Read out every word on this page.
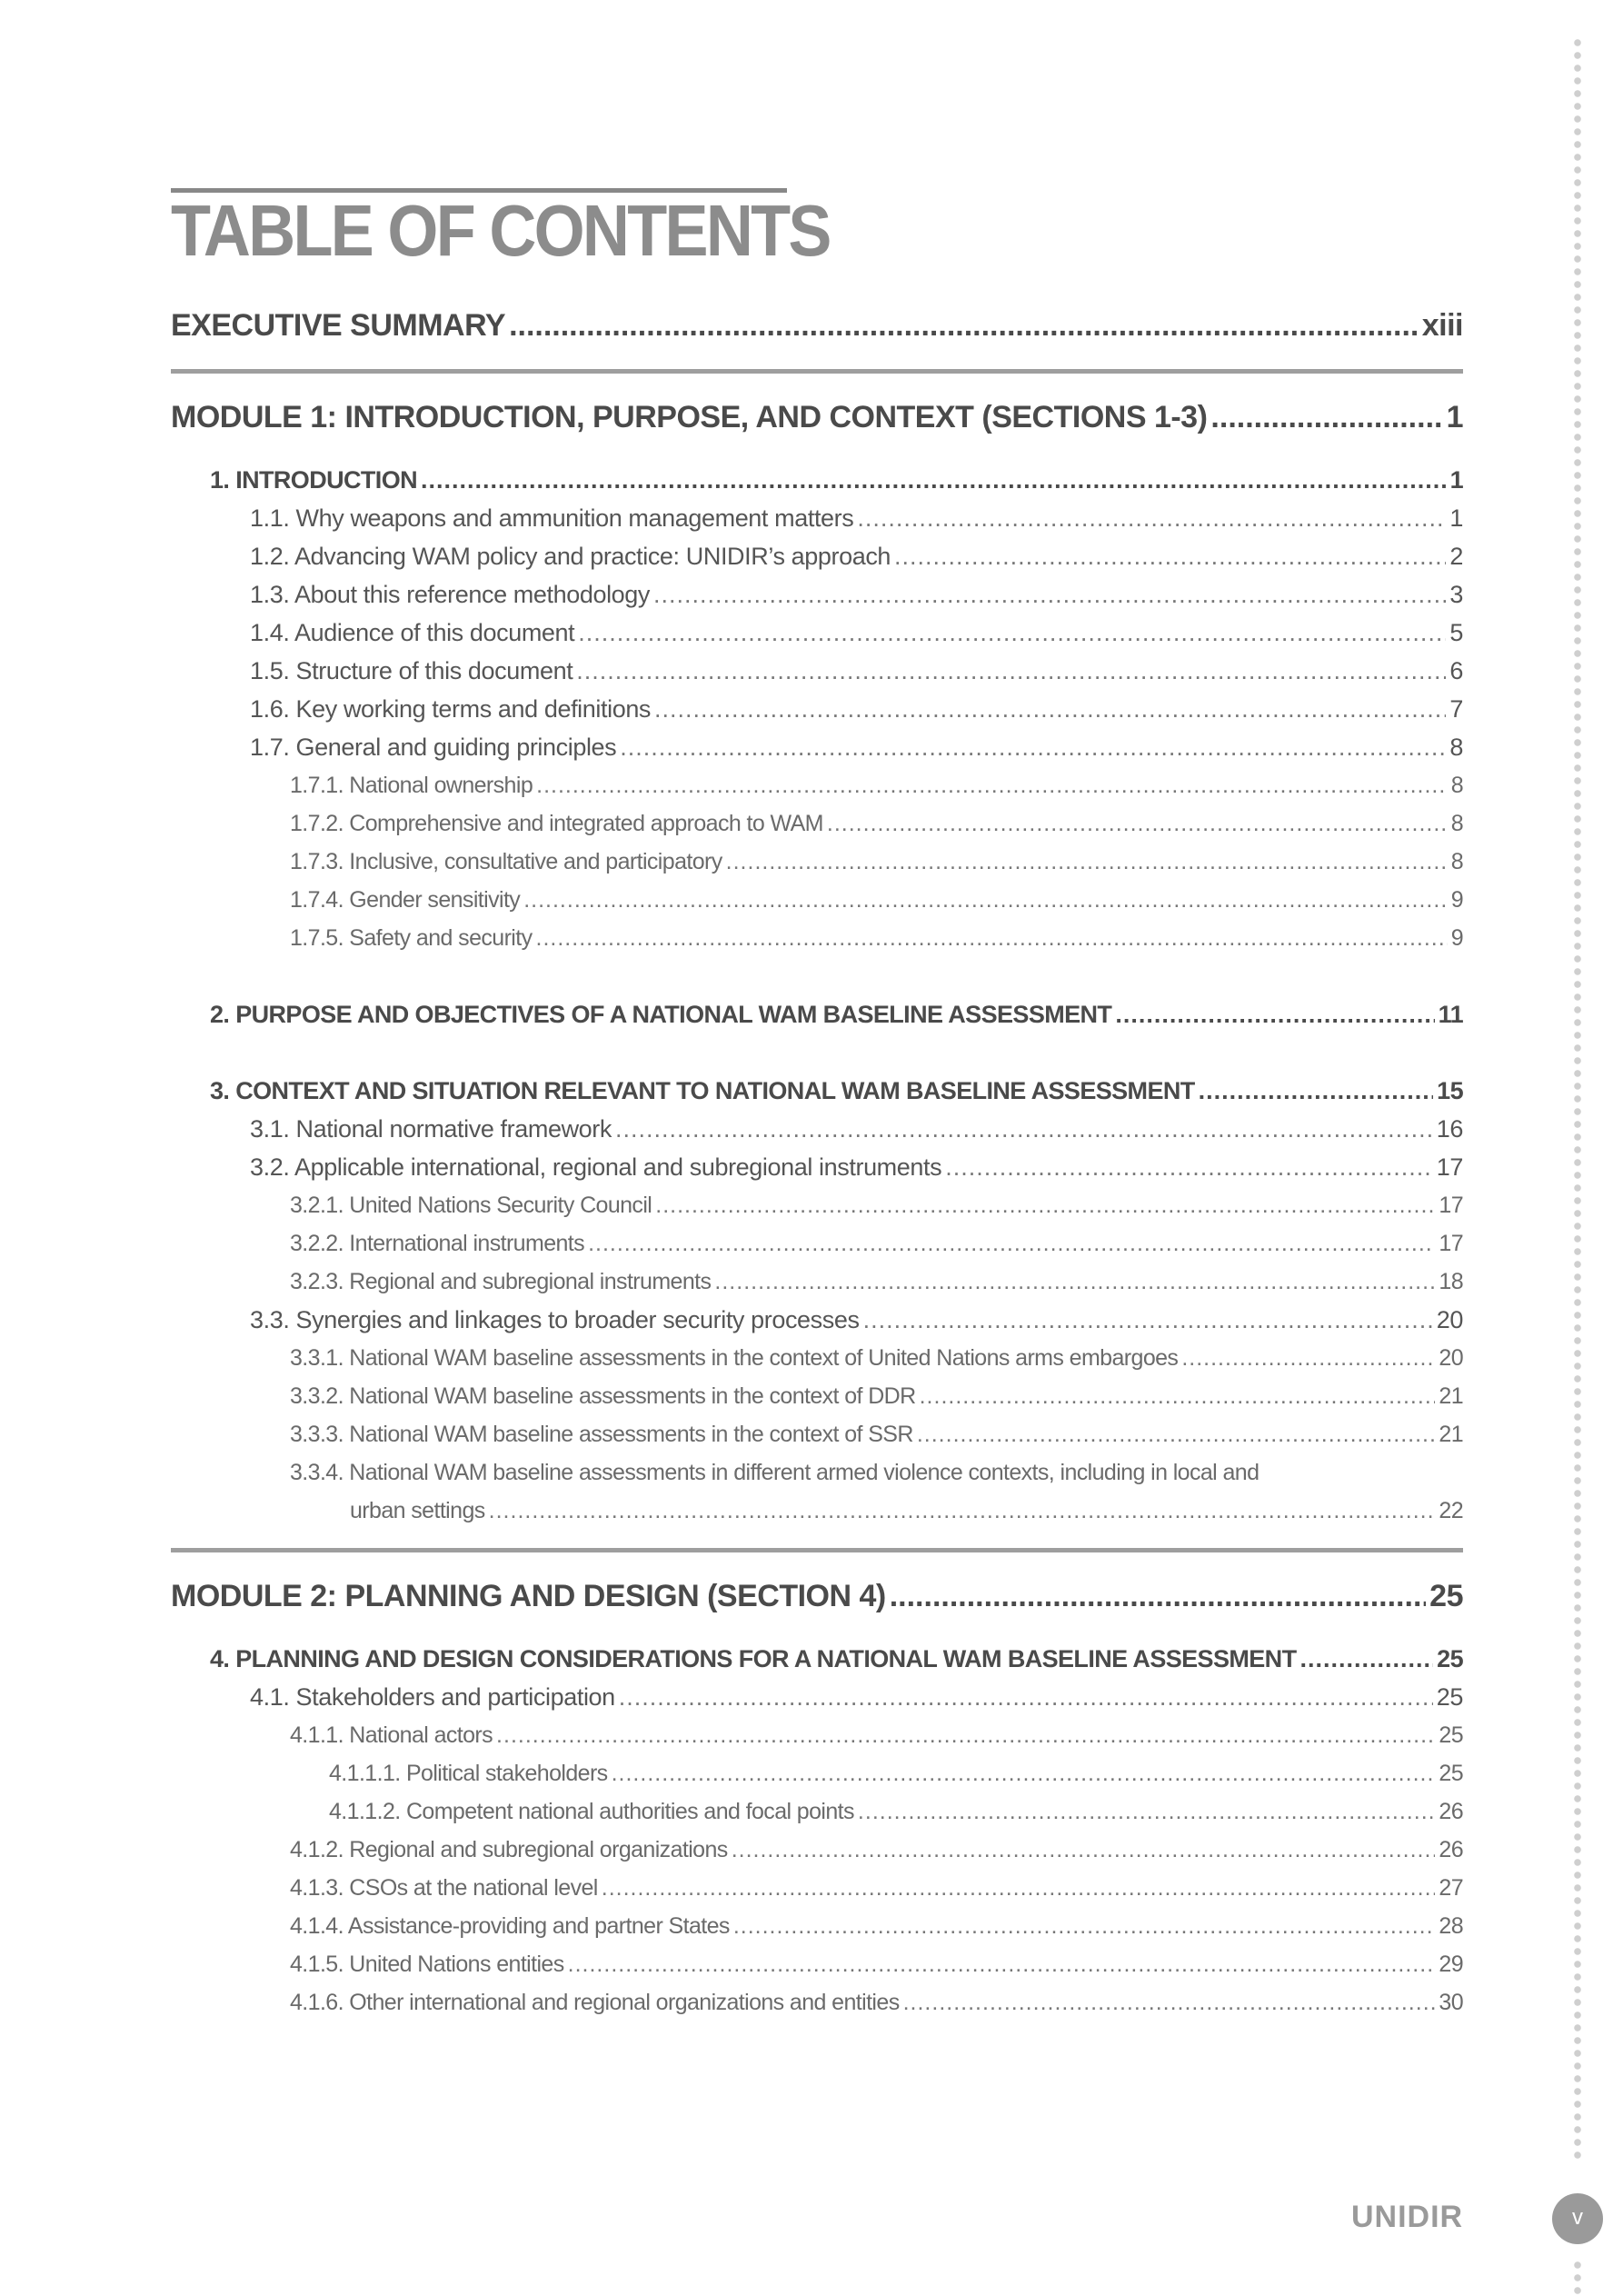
TABLE OF CONTENTS
EXECUTIVE SUMMARY .....	xiii
MODULE 1: INTRODUCTION, PURPOSE, AND CONTEXT (SECTIONS 1-3) .....	1
1. INTRODUCTION .....	1
1.1. Why weapons and ammunition management matters .....	1
1.2. Advancing WAM policy and practice: UNIDIR’s approach .....	2
1.3. About this reference methodology .....	3
1.4. Audience of this document .....	5
1.5. Structure of this document .....	6
1.6. Key working terms and definitions .....	7
1.7. General and guiding principles .....	8
1.7.1. National ownership .....	8
1.7.2. Comprehensive and integrated approach to WAM .....	8
1.7.3. Inclusive, consultative and participatory .....	8
1.7.4. Gender sensitivity .....	9
1.7.5. Safety and security .....	9
2. PURPOSE AND OBJECTIVES OF A NATIONAL WAM BASELINE ASSESSMENT .....	11
3. CONTEXT AND SITUATION RELEVANT TO NATIONAL WAM BASELINE ASSESSMENT .....	15
3.1. National normative framework .....	16
3.2. Applicable international, regional and subregional instruments .....	17
3.2.1. United Nations Security Council .....	17
3.2.2. International instruments .....	17
3.2.3. Regional and subregional instruments .....	18
3.3. Synergies and linkages to broader security processes .....	20
3.3.1. National WAM baseline assessments in the context of United Nations arms embargoes .....	20
3.3.2. National WAM baseline assessments in the context of DDR .....	21
3.3.3. National WAM baseline assessments in the context of SSR .....	21
3.3.4. National WAM baseline assessments in different armed violence contexts, including in local and
urban settings .....	22
MODULE 2: PLANNING AND DESIGN (SECTION 4) .....	25
4. PLANNING AND DESIGN CONSIDERATIONS FOR A NATIONAL WAM BASELINE ASSESSMENT .....	25
4.1. Stakeholders and participation .....	25
4.1.1. National actors .....	25
4.1.1.1. Political stakeholders .....	25
4.1.1.2. Competent national authorities and focal points .....	26
4.1.2. Regional and subregional organizations .....	26
4.1.3. CSOs at the national level .....	27
4.1.4. Assistance-providing and partner States .....	28
4.1.5. United Nations entities .....	29
4.1.6. Other international and regional organizations and entities .....	30
UNIDIR	v
